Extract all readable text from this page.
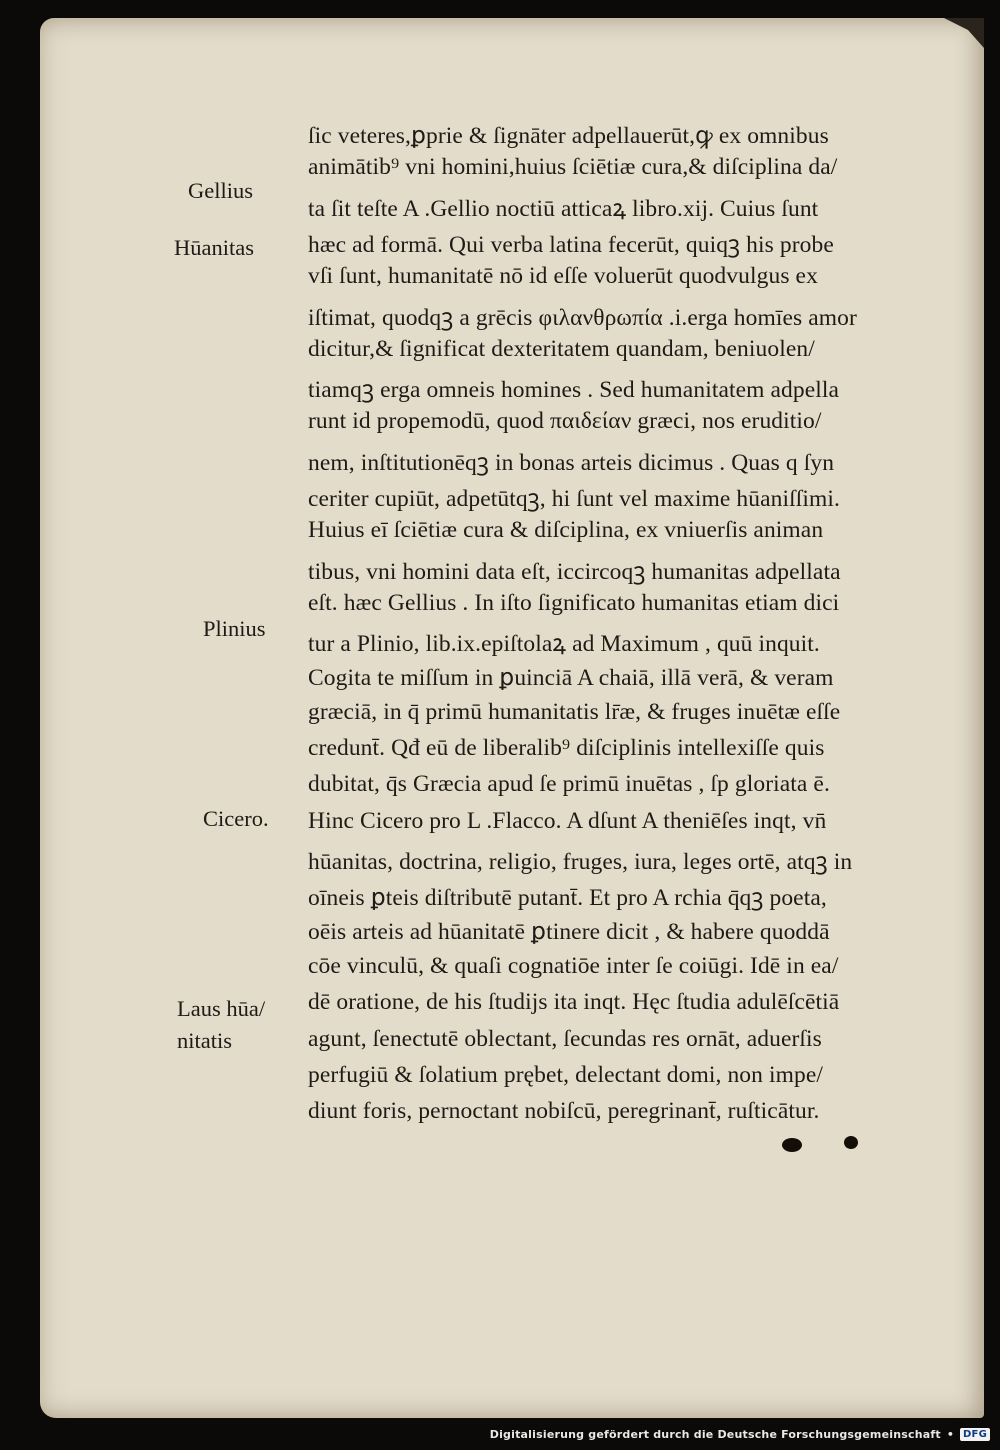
Gellius
Hūanitas
Plinius
Cicero.
Laus hūa/
nitatis
ſic veteres,ꝑprie & ſignāter adpellauerūt,ꝙ ex omnibus
animātib⁹ vni homini,huius ſciētiæ cura,& diſciplina da/
ta ſit teſte A .Gellio noctiū atticaꝝ libro.xij. Cuius ſunt
hæc ad formā. Qui verba latina fecerūt, quiqꝫ his probe
vſi ſunt, humanitatē nō id eſſe voluerūt quodvulgus ex
iſtimat, quodqꝫ a grēcis φιλανθρωπία .i.erga homīes amor
dicitur,& ſignificat dexteritatem quandam, beniuolen/
tiamqꝫ erga omneis homines . Sed humanitatem adpella
runt id propemodū, quod παιδείαν græci, nos eruditio/
nem, inſtitutionēqꝫ in bonas arteis dicimus . Quas q ſyn
ceriter cupiūt, adpetūtqꝫ, hi ſunt vel maxime hūaniſſimi.
Huius eī ſciētiæ cura & diſciplina, ex vniuerſis animan
tibus, vni homini data eſt, iccircoqꝫ humanitas adpellata
eſt. hæc Gellius . In iſto ſignificato humanitas etiam dici
tur a Plinio, lib.ix.epiſtolaꝝ ad Maximum , quū inquit.
Cogita te miſſum in ꝑuinciā A chaiā, illā verā, & veram
græciā, in q̄ primū humanitatis lr̄æ, & fruges inuētæ eſſe
credunt̄. Qđ eū de liberalib⁹ diſciplinis intellexiſſe quis
dubitat, q̄s Græcia apud ſe primū inuētas , ſp gloriata ē.
Hinc Cicero pro L .Flacco. A dſunt A theniēſes inqt, vn̄
hūanitas, doctrina, religio, fruges, iura, leges ortē, atqꝫ in
oīneis ꝑteis diſtributē putant̄. Et pro A rchia q̄qꝫ poeta,
oēis arteis ad hūanitatē ꝑtinere dicit , & habere quoddā
cōe vinculū, & quaſi cognatiōe inter ſe coiūgi. Idē in ea/
dē oratione, de his ſtudijs ita inqt. Hęc ſtudia adulēſcētiā
agunt, ſenectutē oblectant, ſecundas res ornāt, aduerſis
perfugiū & ſolatium prębet, delectant domi, non impe/
diunt foris, pernoctant nobiſcū, peregrinant̄, ruſticātur.
Digitalisierung gefördert durch die Deutsche Forschungsgemeinschaft • DFG
